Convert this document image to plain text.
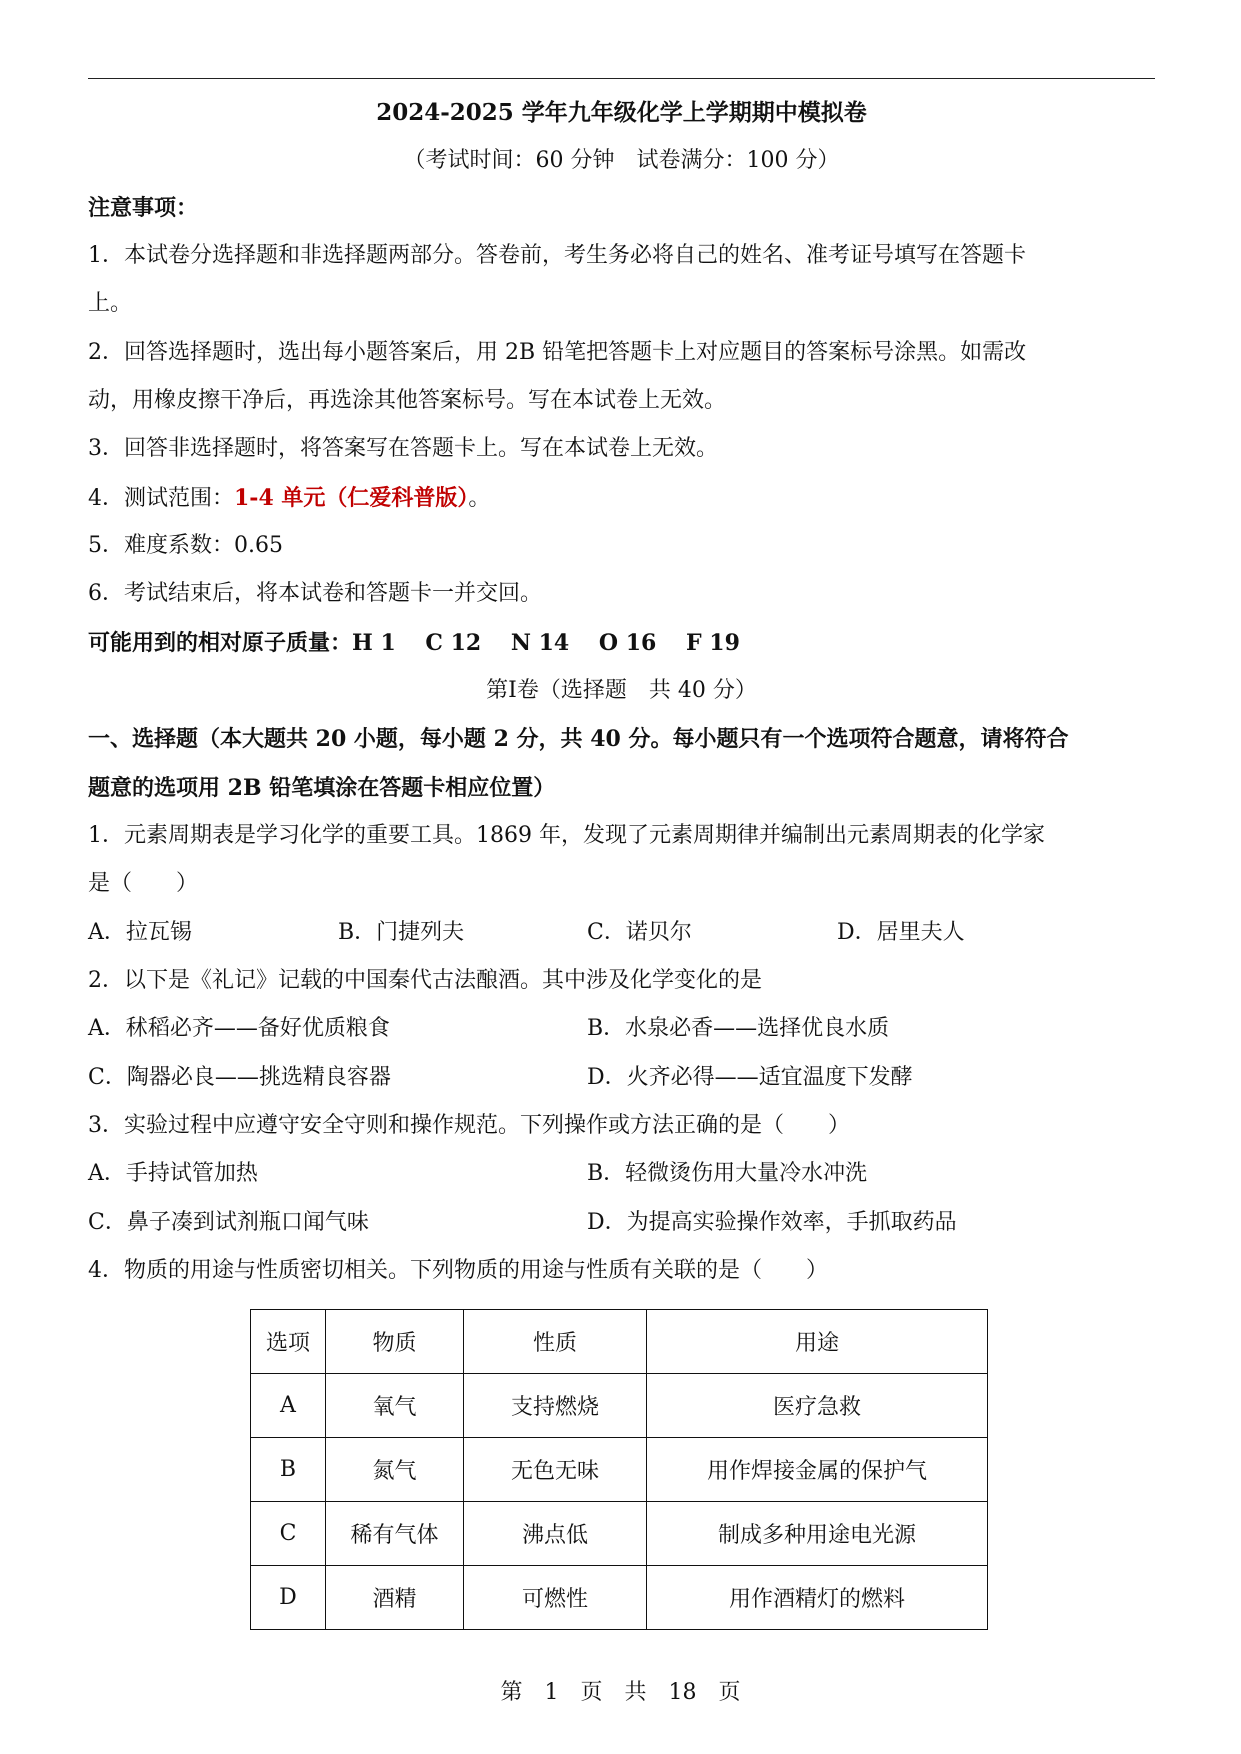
2024-2025 学年九年级化学上学期期中模拟卷
（考试时间：60 分钟　试卷满分：100 分）
注意事项：
1．本试卷分选择题和非选择题两部分。答卷前，考生务必将自己的姓名、准考证号填写在答题卡
上。
2．回答选择题时，选出每小题答案后，用 2B 铅笔把答题卡上对应题目的答案标号涂黑。如需改
动，用橡皮擦干净后，再选涂其他答案标号。写在本试卷上无效。
3．回答非选择题时，将答案写在答题卡上。写在本试卷上无效。
4．测试范围：1-4 单元（仁爱科普版）。
5．难度系数：0.65
6．考试结束后，将本试卷和答题卡一并交回。
可能用到的相对原子质量：H 1　 C 12　 N 14　 O 16　 F 19
第I卷（选择题　共 40 分）
一、选择题（本大题共 20 小题，每小题 2 分，共 40 分。每小题只有一个选项符合题意，请将符合
题意的选项用 2B 铅笔填涂在答题卡相应位置）
1．元素周期表是学习化学的重要工具。1869 年，发现了元素周期律并编制出元素周期表的化学家
是（　　）
A．拉瓦锡	B．门捷列夫	C．诺贝尔	D．居里夫人
2．以下是《礼记》记载的中国秦代古法酿酒。其中涉及化学变化的是
A．秫稻必齐——备好优质粮食	B．水泉必香——选择优良水质
C．陶器必良——挑选精良容器	D．火齐必得——适宜温度下发酵
3．实验过程中应遵守安全守则和操作规范。下列操作或方法正确的是（　　）
A．手持试管加热	B．轻微烫伤用大量冷水冲洗
C．鼻子凑到试剂瓶口闻气味	D．为提高实验操作效率，手抓取药品
4．物质的用途与性质密切相关。下列物质的用途与性质有关联的是（　　）
选项	物质	性质	用途
A	氧气	支持燃烧	医疗急救
B	氮气	无色无味	用作焊接金属的保护气
C	稀有气体	沸点低	制成多种用途电光源
D	酒精	可燃性	用作酒精灯的燃料
第　1　页　共　18　页
